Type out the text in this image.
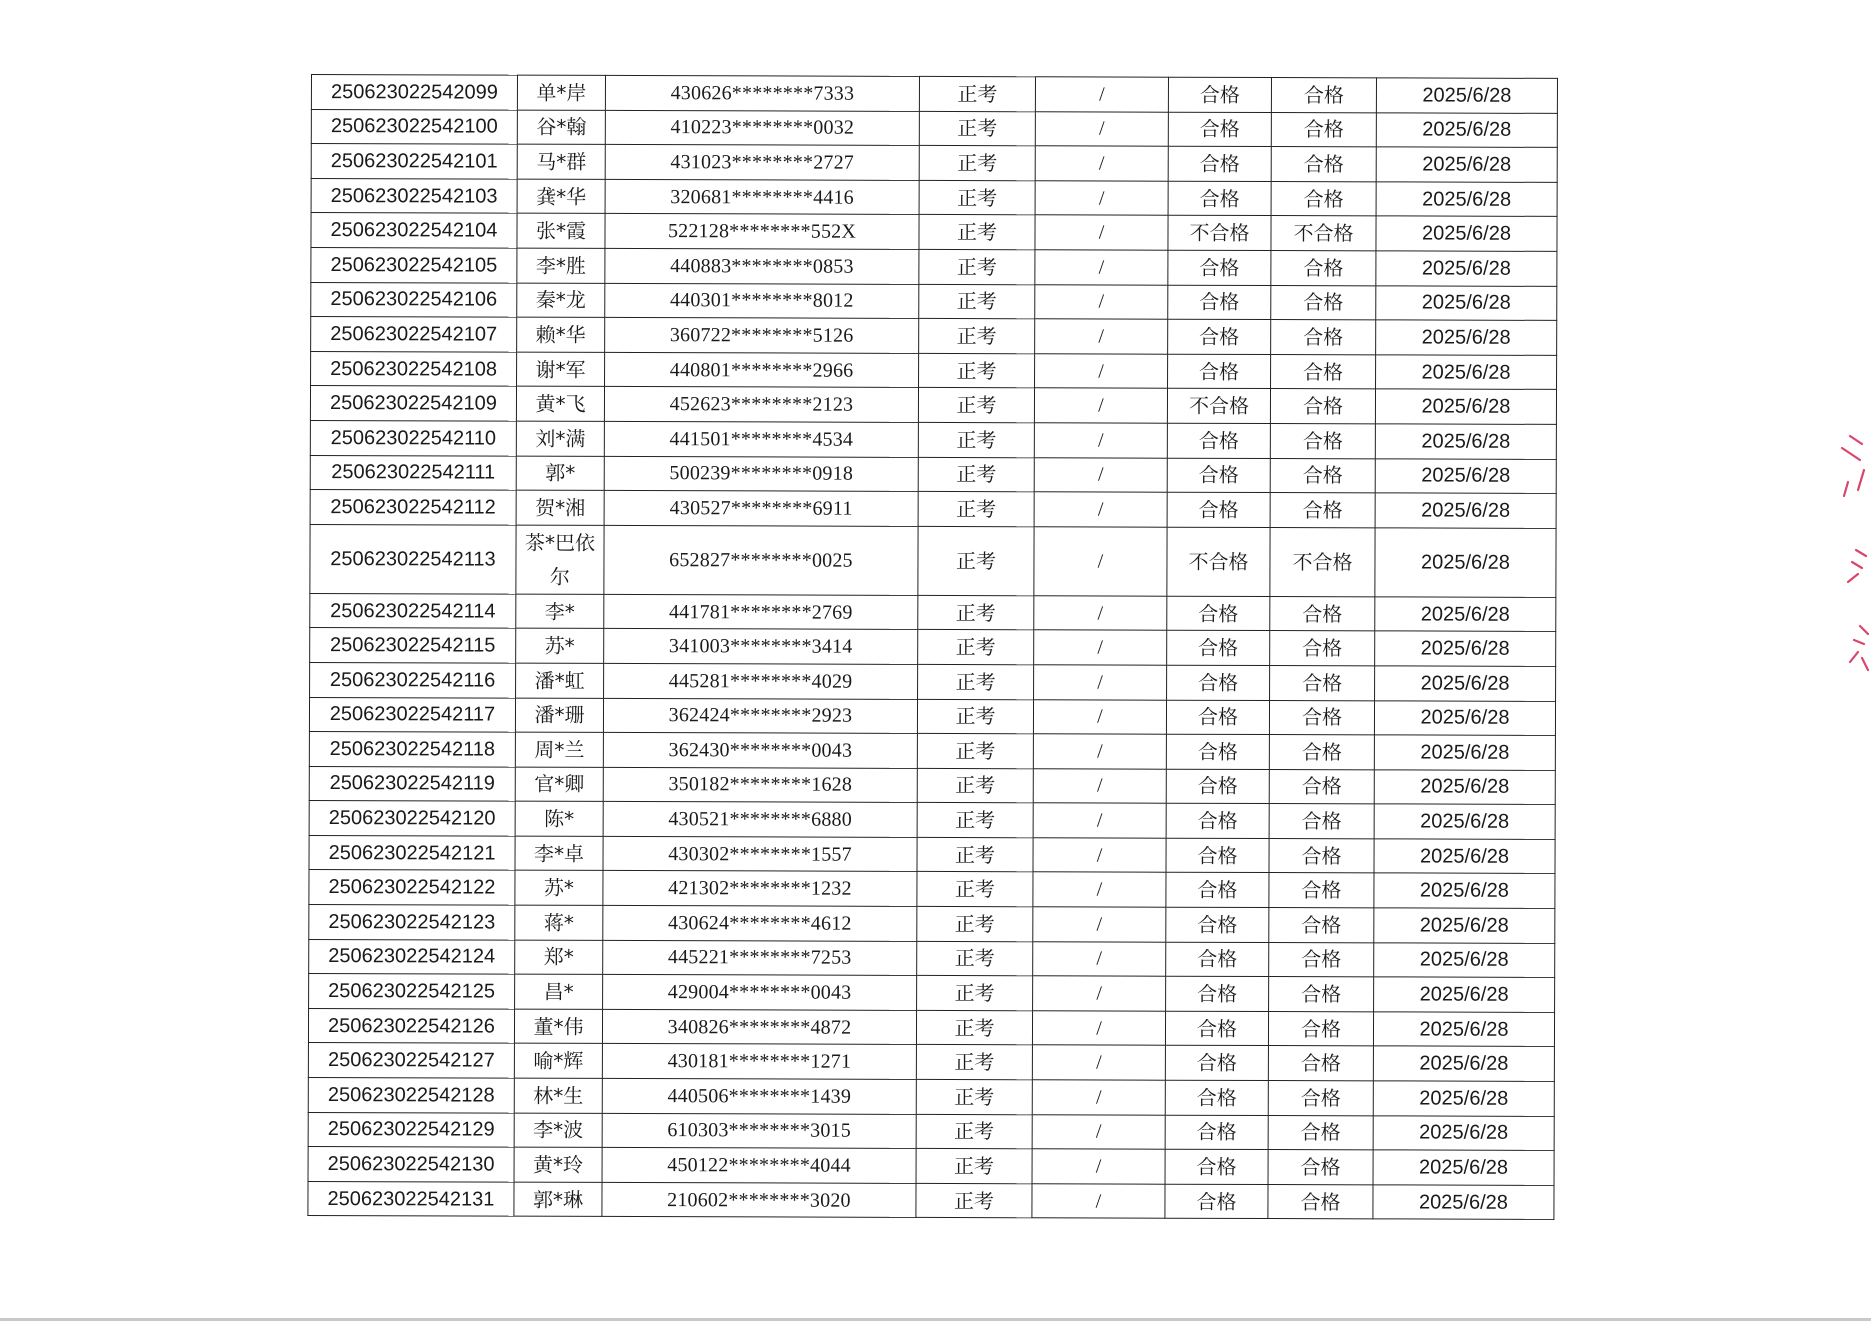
250623022542099	单*岸	430626********7333	正考	/	合格	合格	2025/6/28
250623022542100	谷*翰	410223********0032	正考	/	合格	合格	2025/6/28
250623022542101	马*群	431023********2727	正考	/	合格	合格	2025/6/28
250623022542103	龚*华	320681********4416	正考	/	合格	合格	2025/6/28
250623022542104	张*霞	522128********552X	正考	/	不合格	不合格	2025/6/28
250623022542105	李*胜	440883********0853	正考	/	合格	合格	2025/6/28
250623022542106	秦*龙	440301********8012	正考	/	合格	合格	2025/6/28
250623022542107	赖*华	360722********5126	正考	/	合格	合格	2025/6/28
250623022542108	谢*军	440801********2966	正考	/	合格	合格	2025/6/28
250623022542109	黄*飞	452623********2123	正考	/	不合格	合格	2025/6/28
250623022542110	刘*满	441501********4534	正考	/	合格	合格	2025/6/28
250623022542111	郭*	500239********0918	正考	/	合格	合格	2025/6/28
250623022542112	贺*湘	430527********6911	正考	/	合格	合格	2025/6/28
250623022542113	茶*巴依尔	652827********0025	正考	/	不合格	不合格	2025/6/28
250623022542114	李*	441781********2769	正考	/	合格	合格	2025/6/28
250623022542115	苏*	341003********3414	正考	/	合格	合格	2025/6/28
250623022542116	潘*虹	445281********4029	正考	/	合格	合格	2025/6/28
250623022542117	潘*珊	362424********2923	正考	/	合格	合格	2025/6/28
250623022542118	周*兰	362430********0043	正考	/	合格	合格	2025/6/28
250623022542119	官*卿	350182********1628	正考	/	合格	合格	2025/6/28
250623022542120	陈*	430521********6880	正考	/	合格	合格	2025/6/28
250623022542121	李*卓	430302********1557	正考	/	合格	合格	2025/6/28
250623022542122	苏*	421302********1232	正考	/	合格	合格	2025/6/28
250623022542123	蒋*	430624********4612	正考	/	合格	合格	2025/6/28
250623022542124	郑*	445221********7253	正考	/	合格	合格	2025/6/28
250623022542125	昌*	429004********0043	正考	/	合格	合格	2025/6/28
250623022542126	董*伟	340826********4872	正考	/	合格	合格	2025/6/28
250623022542127	喻*辉	430181********1271	正考	/	合格	合格	2025/6/28
250623022542128	林*生	440506********1439	正考	/	合格	合格	2025/6/28
250623022542129	李*波	610303********3015	正考	/	合格	合格	2025/6/28
250623022542130	黄*玲	450122********4044	正考	/	合格	合格	2025/6/28
250623022542131	郭*琳	210602********3020	正考	/	合格	合格	2025/6/28
